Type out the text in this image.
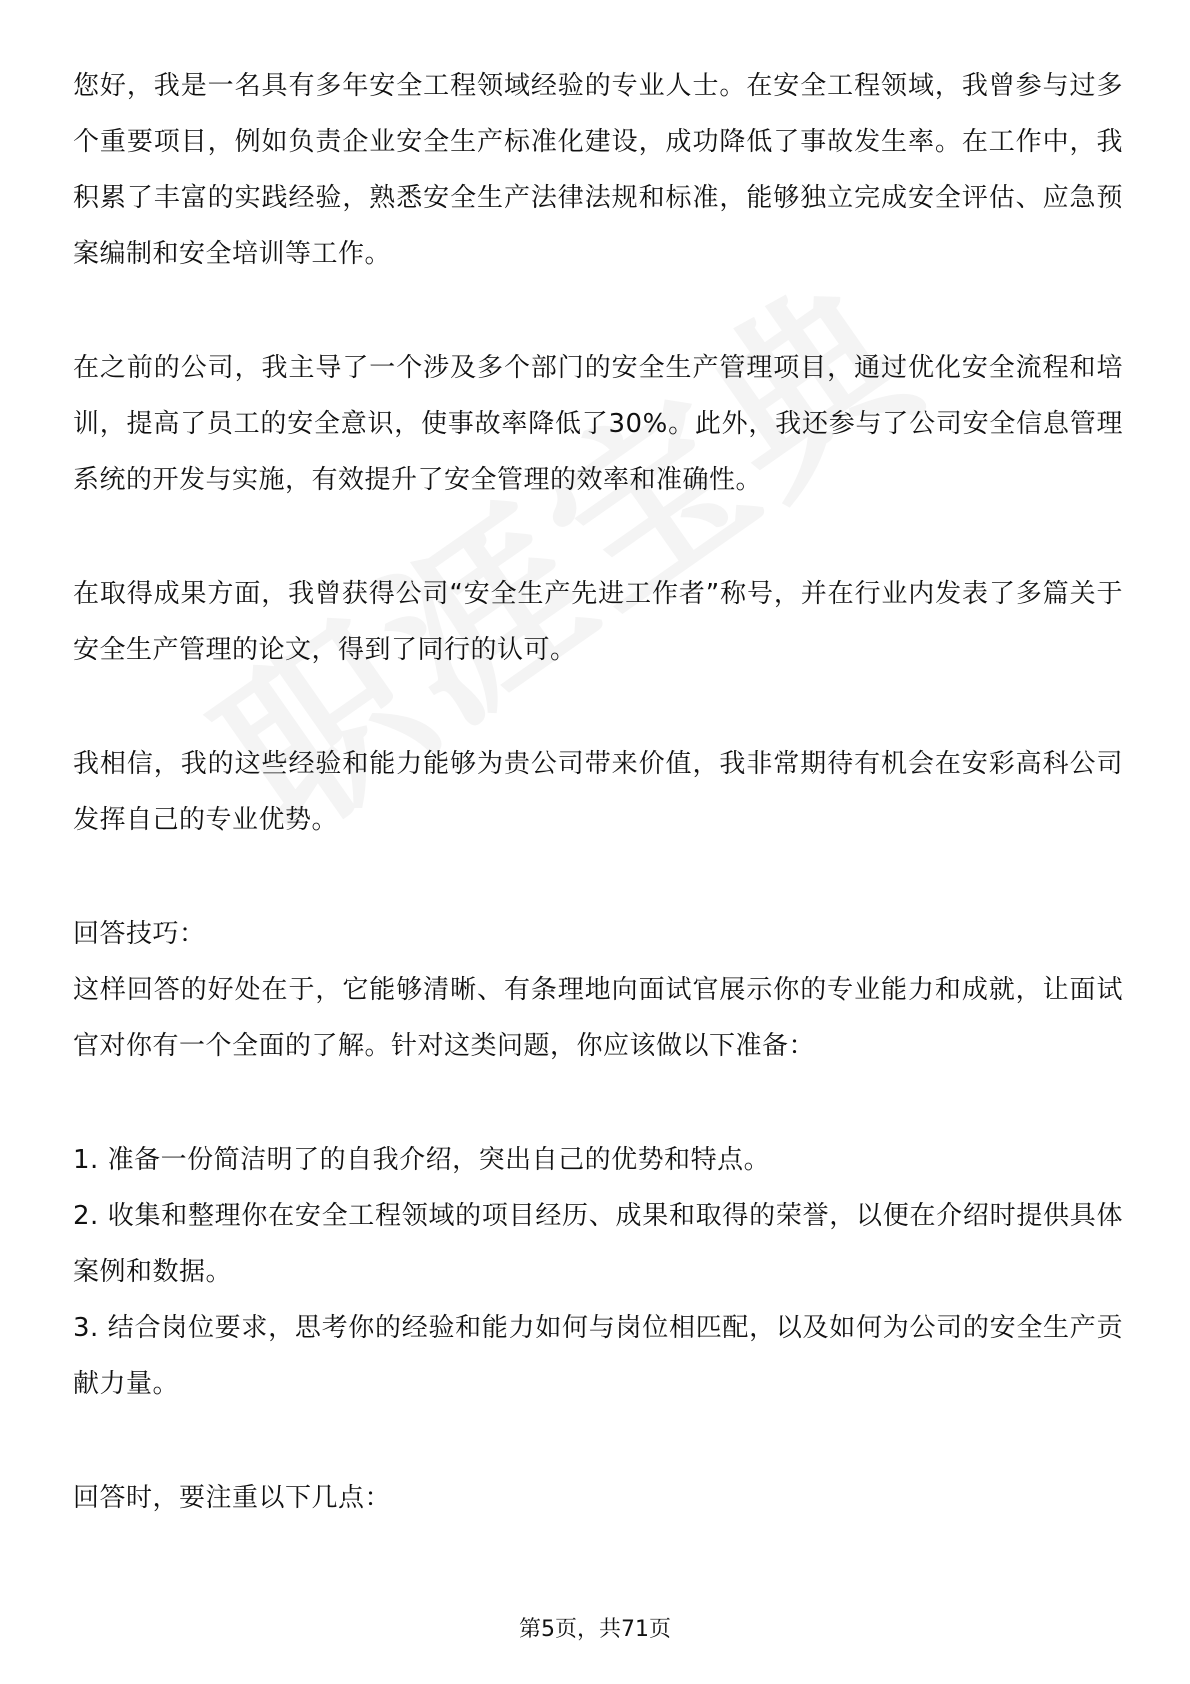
您好，我是一名具有多年安全工程领域经验的专业人士。在安全工程领域，我曾参与过多个重要项目，例如负责企业安全生产标准化建设，成功降低了事故发生率。在工作中，我积累了丰富的实践经验，熟悉安全生产法律法规和标准，能够独立完成安全评估、应急预案编制和安全培训等工作。

在之前的公司，我主导了一个涉及多个部门的安全生产管理项目，通过优化安全流程和培训，提高了员工的安全意识，使事故率降低了30%。此外，我还参与了公司安全信息管理系统的开发与实施，有效提升了安全管理的效率和准确性。

在取得成果方面，我曾获得公司“安全生产先进工作者”称号，并在行业内发表了多篇关于安全生产管理的论文，得到了同行的认可。

我相信，我的这些经验和能力能够为贵公司带来价值，我非常期待有机会在安彩高科公司发挥自己的专业优势。

回答技巧：

这样回答的好处在于，它能够清晰、有条理地向面试官展示你的专业能力和成就，让面试官对你有一个全面的了解。针对这类问题，你应该做以下准备：

1. 准备一份简洁明了的自我介绍，突出自己的优势和特点。

2. 收集和整理你在安全工程领域的项目经历、成果和取得的荣誉，以便在介绍时提供具体案例和数据。

3. 结合岗位要求，思考你的经验和能力如何与岗位相匹配，以及如何为公司的安全生产贡献力量。

回答时，要注重以下几点：

第5页，共71页
